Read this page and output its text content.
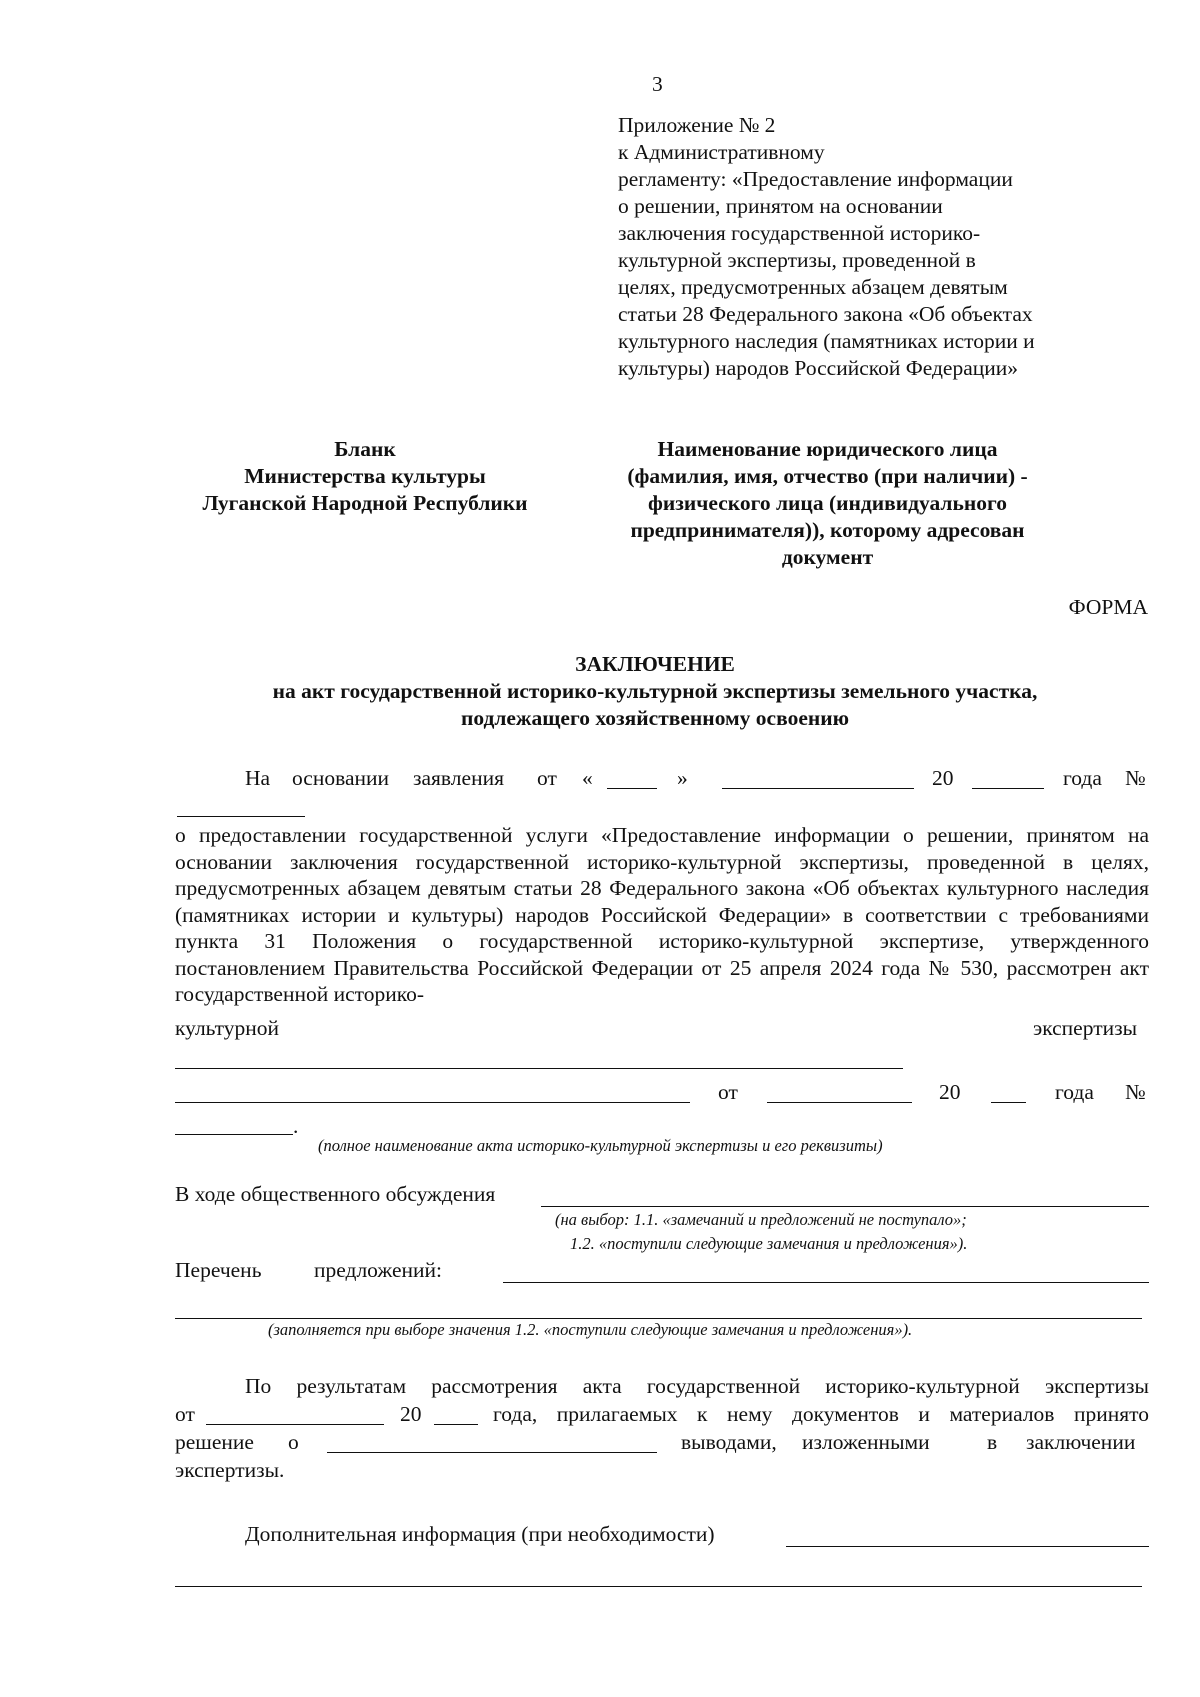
3
Приложение № 2
к Административному
регламенту: «Предоставление информации
о решении, принятом на основании
заключения государственной историко-
культурной экспертизы, проведенной в
целях, предусмотренных абзацем девятым
статьи 28 Федерального закона «Об объектах
культурного наследия (памятниках истории и
культуры) народов Российской Федерации»
Бланк
Министерства культуры
Луганской Народной Республики
Наименование юридического лица
(фамилия, имя, отчество (при наличии) -
физического лица (индивидуального
предпринимателя)), которому адресован
документ
ФОРМА
ЗАКЛЮЧЕНИЕ
на акт государственной историко-культурной экспертизы земельного участка,
подлежащего хозяйственному освоению
На основании заявления от «	»	20	года №
о предоставлении государственной услуги «Предоставление информации о решении, принятом на основании заключения государственной историко-культурной экспертизы, проведенной в целях, предусмотренных абзацем девятым статьи 28 Федерального закона «Об объектах культурного наследия (памятниках истории и культуры) народов Российской Федерации» в соответствии с требованиями пункта 31 Положения о государственной историко-культурной экспертизе, утвержденного постановлением Правительства Российской Федерации от 25 апреля 2024 года № 530, рассмотрен акт государственной историко-
культурной	экспертизы
от	20	года №
.
(полное наименование акта историко-культурной экспертизы и его реквизиты)
В ходе общественного обсуждения
(на выбор: 1.1. «замечаний и предложений не поступало»;
1.2. «поступили следующие замечания и предложения»).
Перечень предложений:
(заполняется при выборе значения 1.2. «поступили следующие замечания и предложения»).
По результатам рассмотрения акта государственной историко-культурной экспертизы
от	20	года, прилагаемых к нему документов и материалов принято
решение о	выводами, изложенными	в заключении
экспертизы.
Дополнительная информация (при необходимости)
